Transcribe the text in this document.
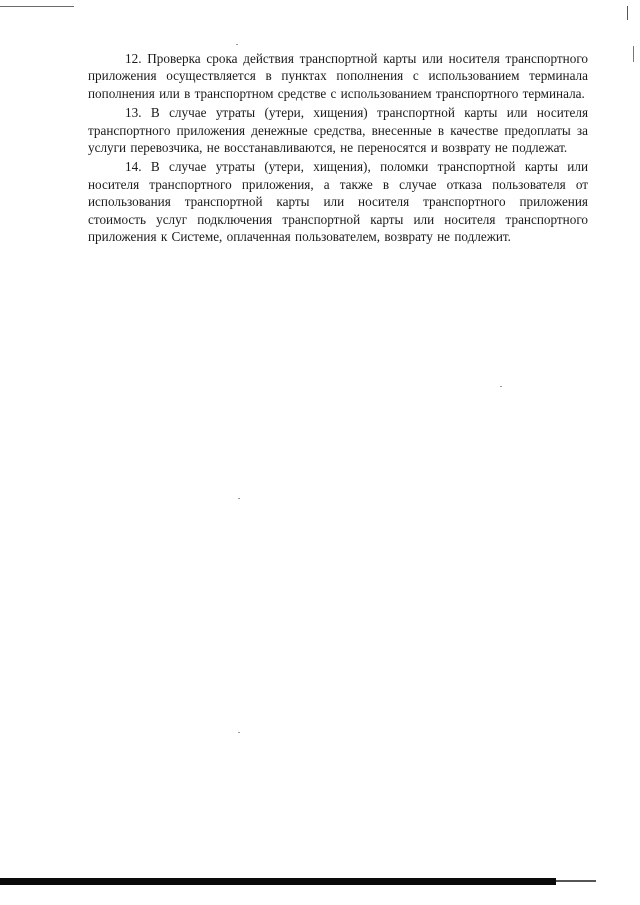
12. Проверка срока действия транспортной карты или носителя транспортного приложения осуществляется в пунктах пополнения с использованием терминала пополнения или в транспортном средстве с использованием транспортного терминала.

13. В случае утраты (утери, хищения) транспортной карты или носителя транспортного приложения денежные средства, внесенные в качестве предоплаты за услуги перевозчика, не восстанавливаются, не переносятся и возврату не подлежат.

14. В случае утраты (утери, хищения), поломки транспортной карты или носителя транспортного приложения, а также в случае отказа пользователя от использования транспортной карты или носителя транспортного приложения стоимость услуг подключения транспортной карты или носителя транспортного приложения к Системе, оплаченная пользователем, возврату не подлежит.
